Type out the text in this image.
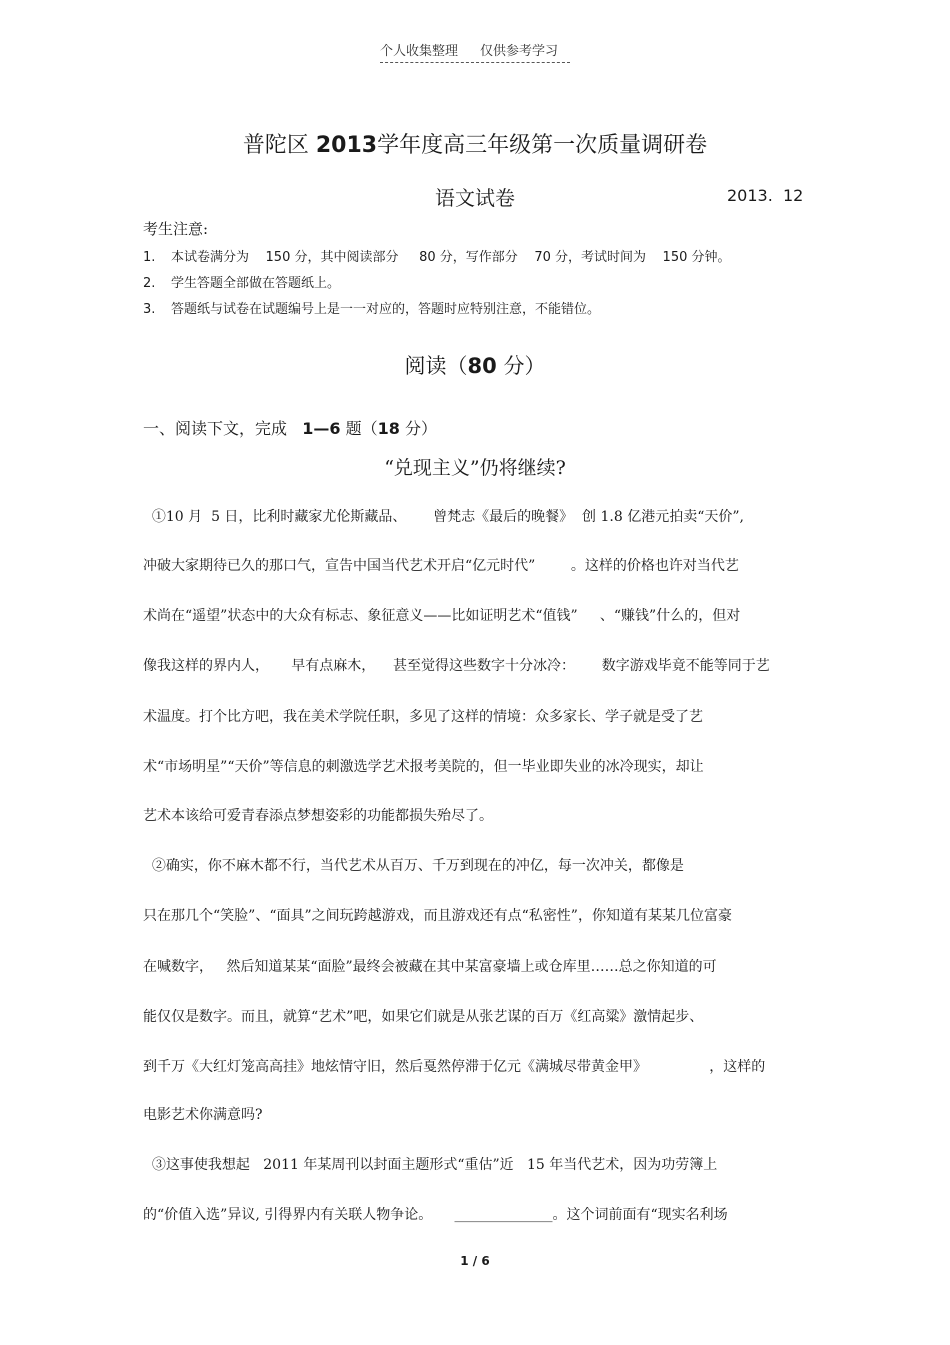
个人收集整理 仅供参考学习
普陀区 2013学年度高三年级第一次质量调研卷
语文试卷	2013.  12
考生注意:
1. 本试卷满分为    150 分，其中阅读部分     80 分，写作部分    70 分，考试时间为    150 分钟。
2. 学生答题全部做在答题纸上。
3. 答题纸与试卷在试题编号上是一一对应的，答题时应特别注意，不能错位。
阅读（80 分）
一、阅读下文，完成   1—6 题（18 分）
“兑现主义”仍将继续?
①10 月  5 日，比利时藏家尤伦斯藏品、      曾梵志《最后的晚餐》  创 1.8 亿港元拍卖“天价”,
冲破大家期待已久的那口气，宣告中国当代艺术开启“亿元时代”        。这样的价格也许对当代艺
术尚在“遥望”状态中的大众有标志、象征意义——比如证明艺术“值钱”     、“赚钱”什么的，但对
像我这样的界内人，     早有点麻木，    甚至觉得这些数字十分冰冷：      数字游戏毕竟不能等同于艺
术温度。打个比方吧，我在美术学院任职，多见了这样的情境：众多家长、学子就是受了艺
术“市场明星”“天价”等信息的刺激选学艺术报考美院的，但一毕业即失业的冰冷现实，却让
艺术本该给可爱青春添点梦想姿彩的功能都损失殆尽了。
②确实，你不麻木都不行，当代艺术从百万、千万到现在的冲亿，每一次冲关，都像是
只在那几个“笑脸”、“面具”之间玩跨越游戏，而且游戏还有点“私密性”，你知道有某某几位富豪
在喊数字，   然后知道某某“面脸”最终会被藏在其中某富豪墙上或仓库里……总之你知道的可
能仅仅是数字。而且，就算“艺术”吧，如果它们就是从张艺谋的百万《红高粱》激情起步、
到千万《大红灯笼高高挂》地炫情守旧，然后戛然停滞于亿元《满城尽带黄金甲》              ，这样的
电影艺术你满意吗?
③这事使我想起   2011 年某周刊以封面主题形式“重估”近   15 年当代艺术，因为功劳簿上
的“价值入选”异议, 引得界内有关联人物争论。     ______________。这个词前面有“现实名利场
1 / 6
